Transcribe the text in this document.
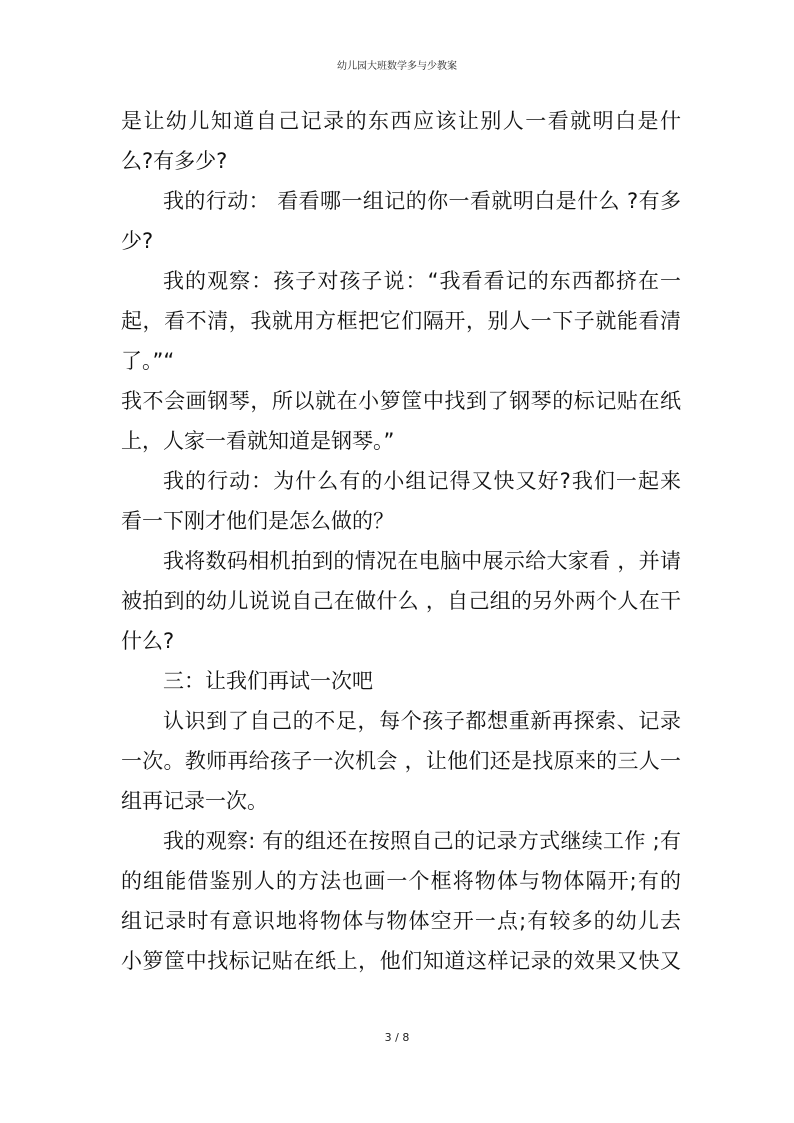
幼儿园大班数学多与少教案
是让幼儿知道自己记录的东西应该让别人一看就明白是什
么?有多少?
我的行动： 看看哪一组记的你一看就明白是什么 ?有多
少?
我的观察：孩子对孩子说：“我看看记的东西都挤在一
起，看不清，我就用方框把它们隔开，别人一下子就能看清
了。”“
我不会画钢琴，所以就在小箩筐中找到了钢琴的标记贴在纸
上，人家一看就知道是钢琴。”
我的行动：为什么有的小组记得又快又好?我们一起来
看一下刚才他们是怎么做的？
我将数码相机拍到的情况在电脑中展示给大家看 ，并请
被拍到的幼儿说说自己在做什么 ，自己组的另外两个人在干
什么?
三：让我们再试一次吧
认识到了自己的不足，每个孩子都想重新再探索、记录
一次。教师再给孩子一次机会 ，让他们还是找原来的三人一
组再记录一次。
我的观察: 有的组还在按照自己的记录方式继续工作 ;有
的组能借鉴别人的方法也画一个框将物体与物体隔开;有的
组记录时有意识地将物体与物体空开一点;有较多的幼儿去
小箩筐中找标记贴在纸上，他们知道这样记录的效果又快又
3 / 8
